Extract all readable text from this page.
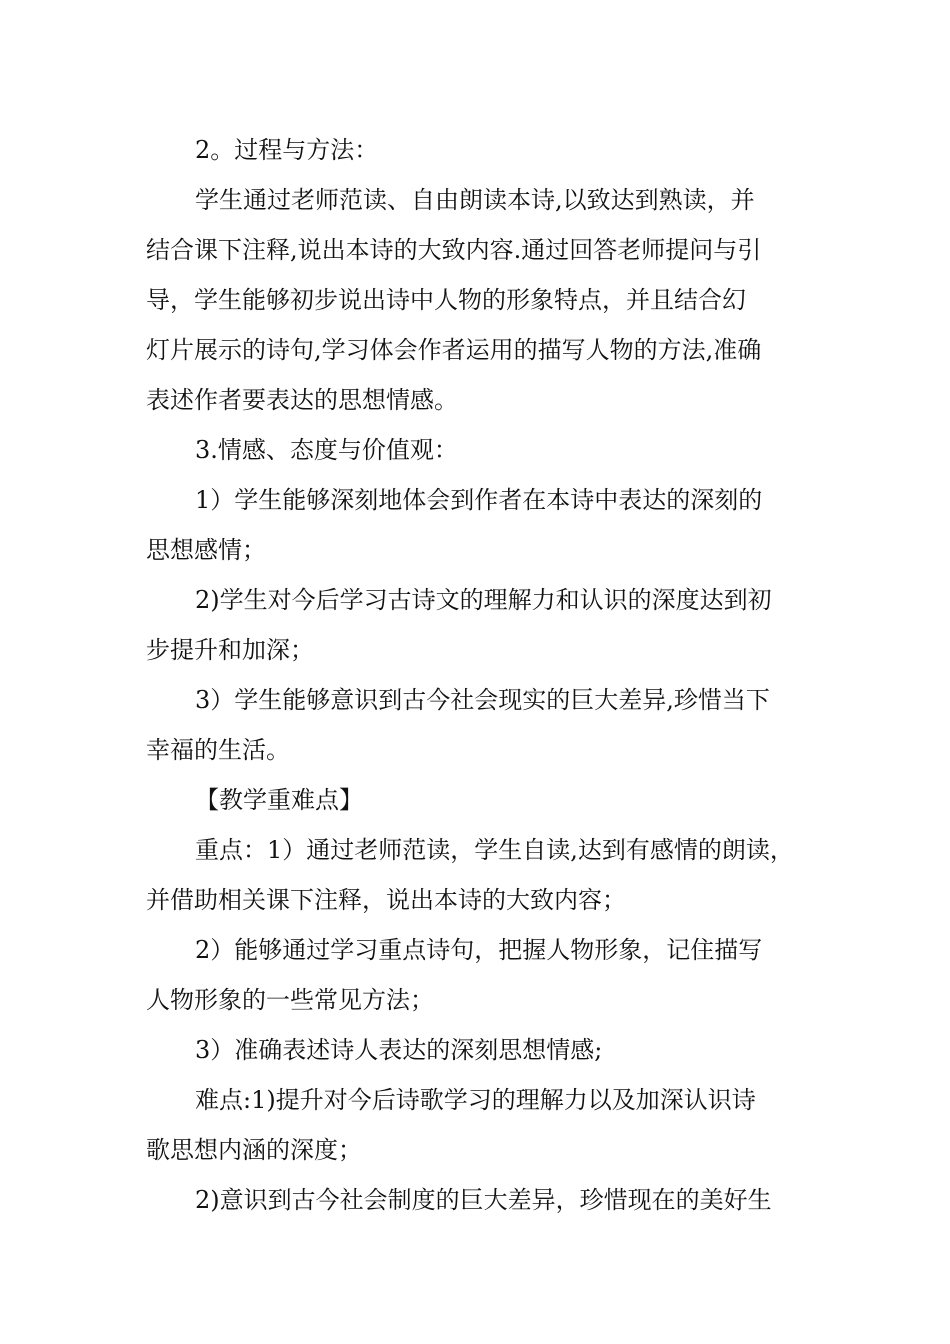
2。过程与方法：
学生通过老师范读、自由朗读本诗,以致达到熟读，并
结合课下注释,说出本诗的大致内容.通过回答老师提问与引
导，学生能够初步说出诗中人物的形象特点，并且结合幻
灯片展示的诗句,学习体会作者运用的描写人物的方法,准确
表述作者要表达的思想情感。
3.情感、态度与价值观：
1）学生能够深刻地体会到作者在本诗中表达的深刻的
思想感情；
2)学生对今后学习古诗文的理解力和认识的深度达到初
步提升和加深；
3）学生能够意识到古今社会现实的巨大差异,珍惜当下
幸福的生活。
【教学重难点】
重点：1）通过老师范读，学生自读,达到有感情的朗读，
并借助相关课下注释，说出本诗的大致内容；
2）能够通过学习重点诗句，把握人物形象，记住描写
人物形象的一些常见方法；
3）准确表述诗人表达的深刻思想情感;
难点:1)提升对今后诗歌学习的理解力以及加深认识诗
歌思想内涵的深度；
2)意识到古今社会制度的巨大差异，珍惜现在的美好生
